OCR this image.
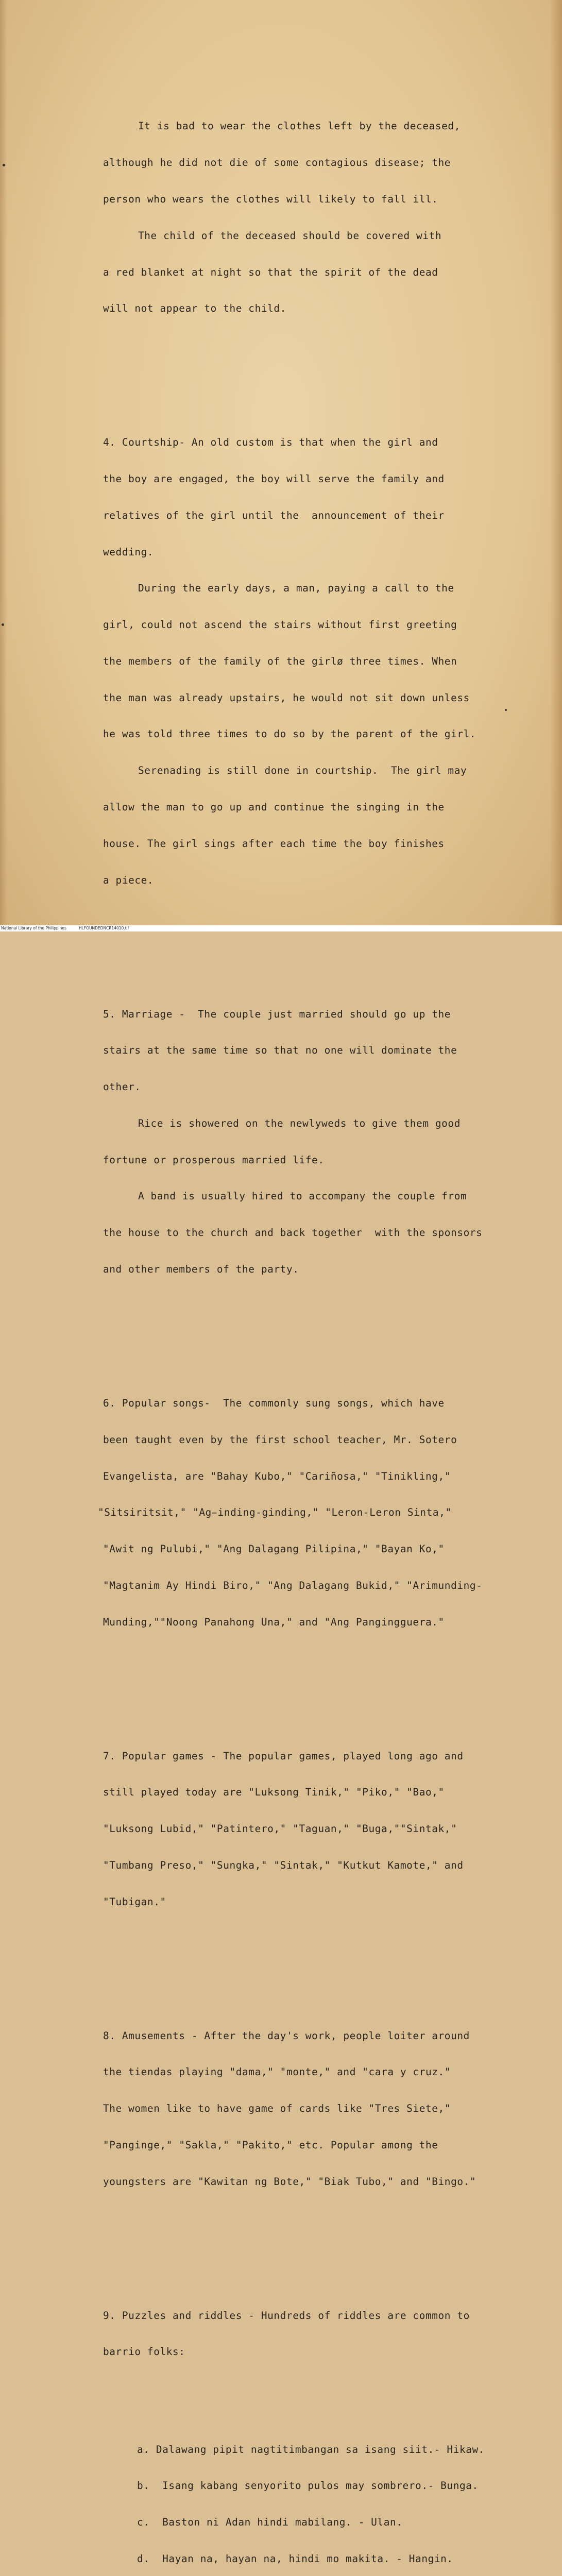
It is bad to wear the clothes left by the deceased,

although he did not die of some contagious disease; the

person who wears the clothes will likely to fall ill.

The child of the deceased should be covered with

a red blanket at night so that the spirit of the dead

will not appear to the child.

4. Courtship- An old custom is that when the girl and

the boy are engaged, the boy will serve the family and

relatives of the girl until the  announcement of their

wedding.

During the early days, a man, paying a call to the

girl, could not ascend the stairs without first greeting

the members of the family of the girlø three times. When

the man was already upstairs, he would not sit down unless

he was told three times to do so by the parent of the girl.

Serenading is still done in courtship.  The girl may

allow the man to go up and continue the singing in the

house. The girl sings after each time the boy finishes

a piece.

5. Marriage -  The couple just married should go up the

stairs at the same time so that no one will dominate the

other.

Rice is showered on the newlyweds to give them good

fortune or prosperous married life.

A band is usually hired to accompany the couple from

the house to the church and back together  with the sponsors

and other members of the party.

6. Popular songs-  The commonly sung songs, which have

been taught even by the first school teacher, Mr. Sotero

Evangelista, are "Bahay Kubo," "Cariñosa," "Tinikling,"

"Sitsiritsit," "Ag̵inding-ginding," "Leron-Leron Sinta,"

"Awit ng Pulubi," "Ang Dalagang Pilipina," "Bayan Ko,"

"Magtanim Ay Hindi Biro," "Ang Dalagang Bukid," "Arimunding-

Munding,""Noong Panahong Una," and "Ang Pangingguera."

7. Popular games - The popular games, played long ago and

still played today are "Luksong Tinik," "Piko," "Bao,"

"Luksong Lubid," "Patintero," "Taguan," "Buga,""Sintak,"

"Tumbang Preso," "Sungka," "Sintak," "Kutkut Kamote," and

"Tubigan."

8. Amusements - After the day's work, people loiter around

the tiendas playing "dama," "monte," and "cara y cruz."

The women like to have game of cards like "Tres Siete,"

"Panginge," "Sakla," "Pakito," etc. Popular among the

youngsters are "Kawitan ng Bote," "Biak Tubo," and "Bingo."

9. Puzzles and riddles - Hundreds of riddles are common to

barrio folks:

a. Dalawang pipit nagtitimbangan sa isang siit.- Hikaw.

b.  Isang kabang senyorito pulos may sombrero.- Bunga.

c.  Baston ni Adan hindi mabilang. - Ulan.

d.  Hayan na, hayan na, hindi mo makita. - Hangin.

National Library of the Philippines	HLFOUNDEDNCR14010.tif
